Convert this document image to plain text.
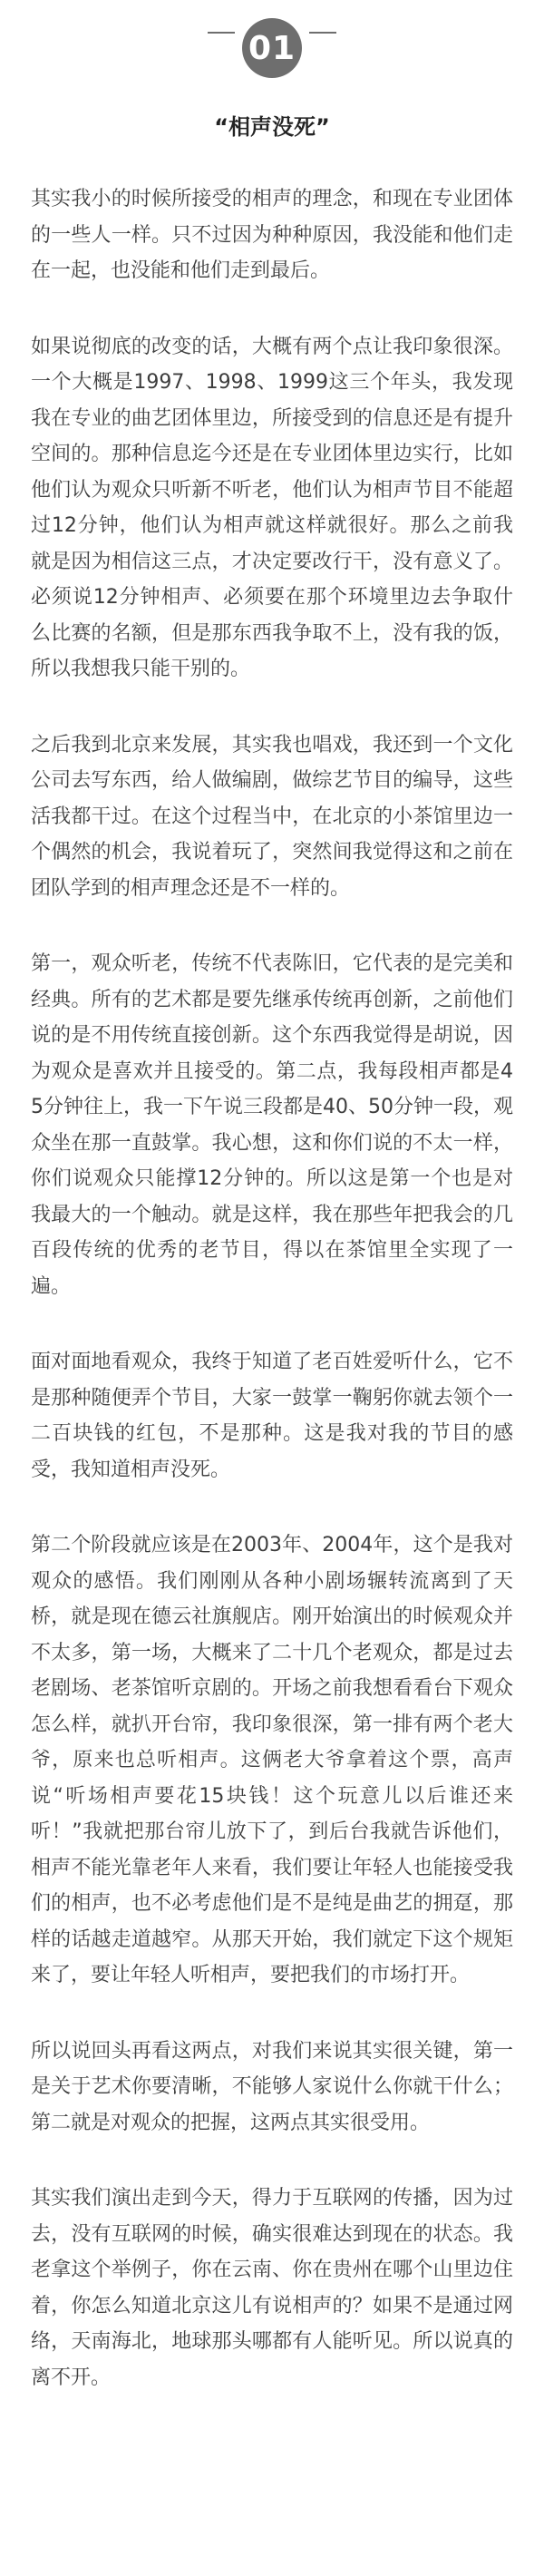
01
“相声没死”

其实我小的时候所接受的相声的理念，和现在专业团体的一些人一样。只不过因为种种原因，我没能和他们走在一起，也没能和他们走到最后。

如果说彻底的改变的话，大概有两个点让我印象很深。一个大概是1997、1998、1999这三个年头，我发现我在专业的曲艺团体里边，所接受到的信息还是有提升空间的。那种信息迄今还是在专业团体里边实行，比如他们认为观众只听新不听老，他们认为相声节目不能超过12分钟，他们认为相声就这样就很好。那么之前我就是因为相信这三点，才决定要改行干，没有意义了。必须说12分钟相声、必须要在那个环境里边去争取什么比赛的名额，但是那东西我争取不上，没有我的饭，所以我想我只能干别的。

之后我到北京来发展，其实我也唱戏，我还到一个文化公司去写东西，给人做编剧，做综艺节目的编导，这些活我都干过。在这个过程当中，在北京的小茶馆里边一个偶然的机会，我说着玩了，突然间我觉得这和之前在团队学到的相声理念还是不一样的。

第一，观众听老，传统不代表陈旧，它代表的是完美和经典。所有的艺术都是要先继承传统再创新，之前他们说的是不用传统直接创新。这个东西我觉得是胡说，因为观众是喜欢并且接受的。第二点，我每段相声都是45分钟往上，我一下午说三段都是40、50分钟一段，观众坐在那一直鼓掌。我心想，这和你们说的不太一样，你们说观众只能撑12分钟的。所以这是第一个也是对我最大的一个触动。就是这样，我在那些年把我会的几百段传统的优秀的老节目，得以在茶馆里全实现了一遍。

面对面地看观众，我终于知道了老百姓爱听什么，它不是那种随便弄个节目，大家一鼓掌一鞠躬你就去领个一二百块钱的红包，不是那种。这是我对我的节目的感受，我知道相声没死。

第二个阶段就应该是在2003年、2004年，这个是我对观众的感悟。我们刚刚从各种小剧场辗转流离到了天桥，就是现在德云社旗舰店。刚开始演出的时候观众并不太多，第一场，大概来了二十几个老观众，都是过去老剧场、老茶馆听京剧的。开场之前我想看看台下观众怎么样，就扒开台帘，我印象很深，第一排有两个老大爷，原来也总听相声。这俩老大爷拿着这个票，高声说“听场相声要花15块钱！这个玩意儿以后谁还来听！”我就把那台帘儿放下了，到后台我就告诉他们，相声不能光靠老年人来看，我们要让年轻人也能接受我们的相声，也不必考虑他们是不是纯是曲艺的拥趸，那样的话越走道越窄。从那天开始，我们就定下这个规矩来了，要让年轻人听相声，要把我们的市场打开。

所以说回头再看这两点，对我们来说其实很关键，第一是关于艺术你要清晰，不能够人家说什么你就干什么；第二就是对观众的把握，这两点其实很受用。

其实我们演出走到今天，得力于互联网的传播，因为过去，没有互联网的时候，确实很难达到现在的状态。我老拿这个举例子，你在云南、你在贵州在哪个山里边住着，你怎么知道北京这儿有说相声的？如果不是通过网络，天南海北，地球那头哪都有人能听见。所以说真的离不开。
